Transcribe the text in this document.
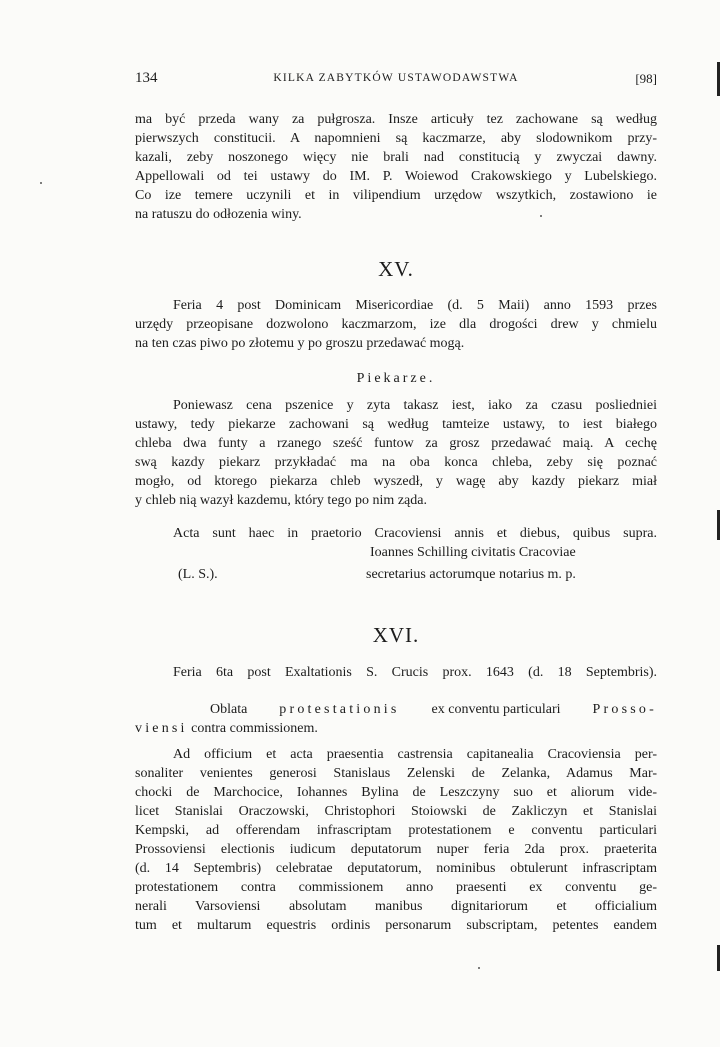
134	KILKA ZABYTKÓW USTAWODAWSTWA	[98]

ma być przeda wany za pułgrosza. Insze articuły tez zachowane są według

pierwszych constitucii. A napomnieni są kaczmarze, aby slodownikom przy-

kazali, zeby noszonego więcy nie brali nad constitucią y zwyczai dawny.

Appellowali od tei ustawy do IM. P. Woiewod Crakowskiego y Lubelskiego.

Co ize temere uczynili et in vilipendium urzędow wszytkich, zostawiono ie

na ratuszu do odłozenia winy.

XV.

Feria 4 post Dominicam Misericordiae (d. 5 Maii) anno 1593 przes

urzędy przeopisane dozwolono kaczmarzom, ize dla drogości drew y chmielu

na ten czas piwo po złotemu y po groszu przedawać mogą.

Piekarze.

Poniewasz cena pszenice y zyta takasz iest, iako za czasu posliedniei

ustawy, tedy piekarze zachowani są według tamteize ustawy, to iest białego

chleba dwa funty a rzanego sześć funtow za grosz przedawać maią. A cechę

swą kazdy piekarz przykładać ma na oba konca chleba, zeby się poznać

mogło, od ktorego piekarza chleb wyszedł, y wagę aby kazdy piekarz miał

y chleb nią wazył kazdemu, który tego po nim ząda.

Acta sunt haec in praetorio Cracoviensi annis et diebus, quibus supra.

Ioannes Schilling civitatis Cracoviae
(L. S.).	secretarius actorumque notarius m. p.
XVI.

Feria 6ta post Exaltationis S. Crucis prox. 1643 (d. 18 Septembris).

Oblata protestationis ex conventu particulari Prosso-
viensi contra commissionem.

Ad officium et acta praesentia castrensia capitanealia Cracoviensia per-

sonaliter venientes generosi Stanislaus Zelenski de Zelanka, Adamus Mar-

chocki de Marchocice, Iohannes Bylina de Leszczyny suo et aliorum vide-

licet Stanislai Oraczowski, Christophori Stoiowski de Zakliczyn et Stanislai

Kempski, ad offerendam infrascriptam protestationem e conventu particulari

Prossoviensi electionis iudicum deputatorum nuper feria 2da prox. praeterita

(d. 14 Septembris) celebratae deputatorum, nominibus obtulerunt infrascriptam

protestationem contra commissionem anno praesenti ex conventu ge-

nerali Varsoviensi absolutam manibus dignitariorum et officialium

tum et multarum equestris ordinis personarum subscriptam, petentes eandem
